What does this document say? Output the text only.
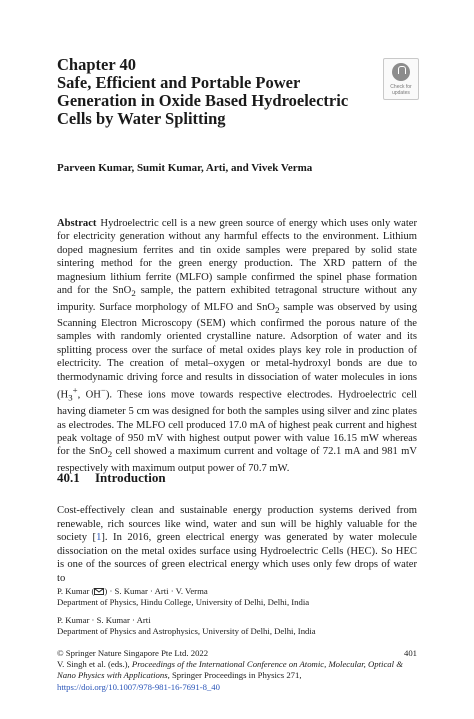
Chapter 40
Safe, Efficient and Portable Power
Generation in Oxide Based Hydroelectric
Cells by Water Splitting
Check for
updates
Parveen Kumar, Sumit Kumar, Arti, and Vivek Verma

Abstract Hydroelectric cell is a new green source of energy which uses only water for electricity generation without any harmful effects to the environment. Lithium doped magnesium ferrites and tin oxide samples were prepared by solid state sintering method for the green energy production. The XRD pattern of the magnesium lithium ferrite (MLFO) sample confirmed the spinel phase formation and for the SnO$_2$ sample, the pattern exhibited tetragonal structure without any impurity. Surface morphology of MLFO and SnO$_2$ sample was observed by using Scanning Electron Microscopy (SEM) which confirmed the porous nature of the samples with randomly oriented crystalline nature. Adsorption of water and its splitting process over the surface of metal oxides plays key role in production of electricity. The creation of metal–oxygen or metal-hydroxyl bonds are due to thermodynamic driving force and results in dissociation of water molecules in ions ($H_3^+$, OH−). These ions move towards respective electrodes. Hydroelectric cell having diameter 5 cm was designed for both the samples using silver and zinc plates as electrodes. The MLFO cell produced 17.0 mA of highest peak current and highest peak voltage of 950 mV with highest output power with value 16.15 mW whereas for the SnO$_2$ cell showed a maximum current and voltage of 72.1 mA and 981 mV respectively with maximum output power of 70.7 mW.

40.1 Introduction

Cost-effectively clean and sustainable energy production systems derived from renewable, rich sources like wind, water and sun will be highly valuable for the society [1]. In 2016, green electrical energy was generated by water molecule dissociation on the metal oxides surface using Hydroelectric Cells (HEC). So HEC is one of the sources of green electrical energy which uses only few drops of water to

P. Kumar ( ) · S. Kumar · Arti · V. Verma
Department of Physics, Hindu College, University of Delhi, Delhi, India
P. Kumar · S. Kumar · Arti
Department of Physics and Astrophysics, University of Delhi, Delhi, India
© Springer Nature Singapore Pte Ltd. 2022	401
V. Singh et al. (eds.), Proceedings of the International Conference on Atomic, Molecular, Optical & Nano Physics with Applications, Springer Proceedings in Physics 271,
https://doi.org/10.1007/978-981-16-7691-8_40
